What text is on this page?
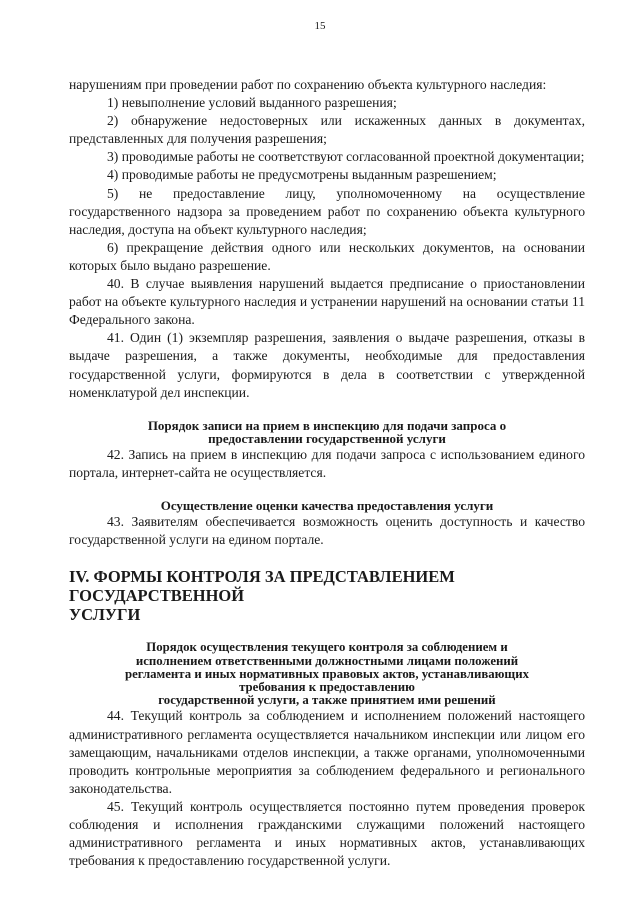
15

нарушениям при проведении работ по сохранению объекта культурного наследия:

1) невыполнение условий выданного разрешения;

2) обнаружение недостоверных или искаженных данных в документах, представленных для получения разрешения;

3) проводимые работы не соответствуют согласованной проектной документации;

4) проводимые работы не предусмотрены выданным разрешением;

5) не предоставление лицу, уполномоченному на осуществление государственного надзора за проведением работ по сохранению объекта культурного наследия, доступа на объект культурного наследия;

6) прекращение действия одного или нескольких документов, на основании которых было выдано разрешение.

40. В случае выявления нарушений выдается предписание о приостановлении работ на объекте культурного наследия и устранении нарушений на основании статьи 11 Федерального закона.

41. Один (1) экземпляр разрешения, заявления о выдаче разрешения, отказы в выдаче разрешения, а также документы, необходимые для предоставления государственной услуги, формируются в дела в соответствии с утвержденной номенклатурой дел инспекции.

Порядок записи на прием в инспекцию для подачи запроса о
предоставлении государственной услуги

42. Запись на прием в инспекцию для подачи запроса с использованием единого портала, интернет-сайта не осуществляется.

Осуществление оценки качества предоставления услуги

43. Заявителям обеспечивается возможность оценить доступность и качество государственной услуги на едином портале.

IV. ФОРМЫ КОНТРОЛЯ ЗА ПРЕДСТАВЛЕНИЕМ ГОСУДАРСТВЕННОЙ
УСЛУГИ
Порядок осуществления текущего контроля за соблюдением и
исполнением ответственными должностными лицами положений
регламента и иных нормативных правовых актов, устанавливающих
требования к предоставлению
государственной услуги, а также принятием ими решений

44. Текущий контроль за соблюдением и исполнением положений настоящего административного регламента осуществляется начальником инспекции или лицом его замещающим, начальниками отделов инспекции, а также органами, уполномоченными проводить контрольные мероприятия за соблюдением федерального и регионального законодательства.

45. Текущий контроль осуществляется постоянно путем проведения проверок соблюдения и исполнения гражданскими служащими положений настоящего административного регламента и иных нормативных актов, устанавливающих требования к предоставлению государственной услуги.
